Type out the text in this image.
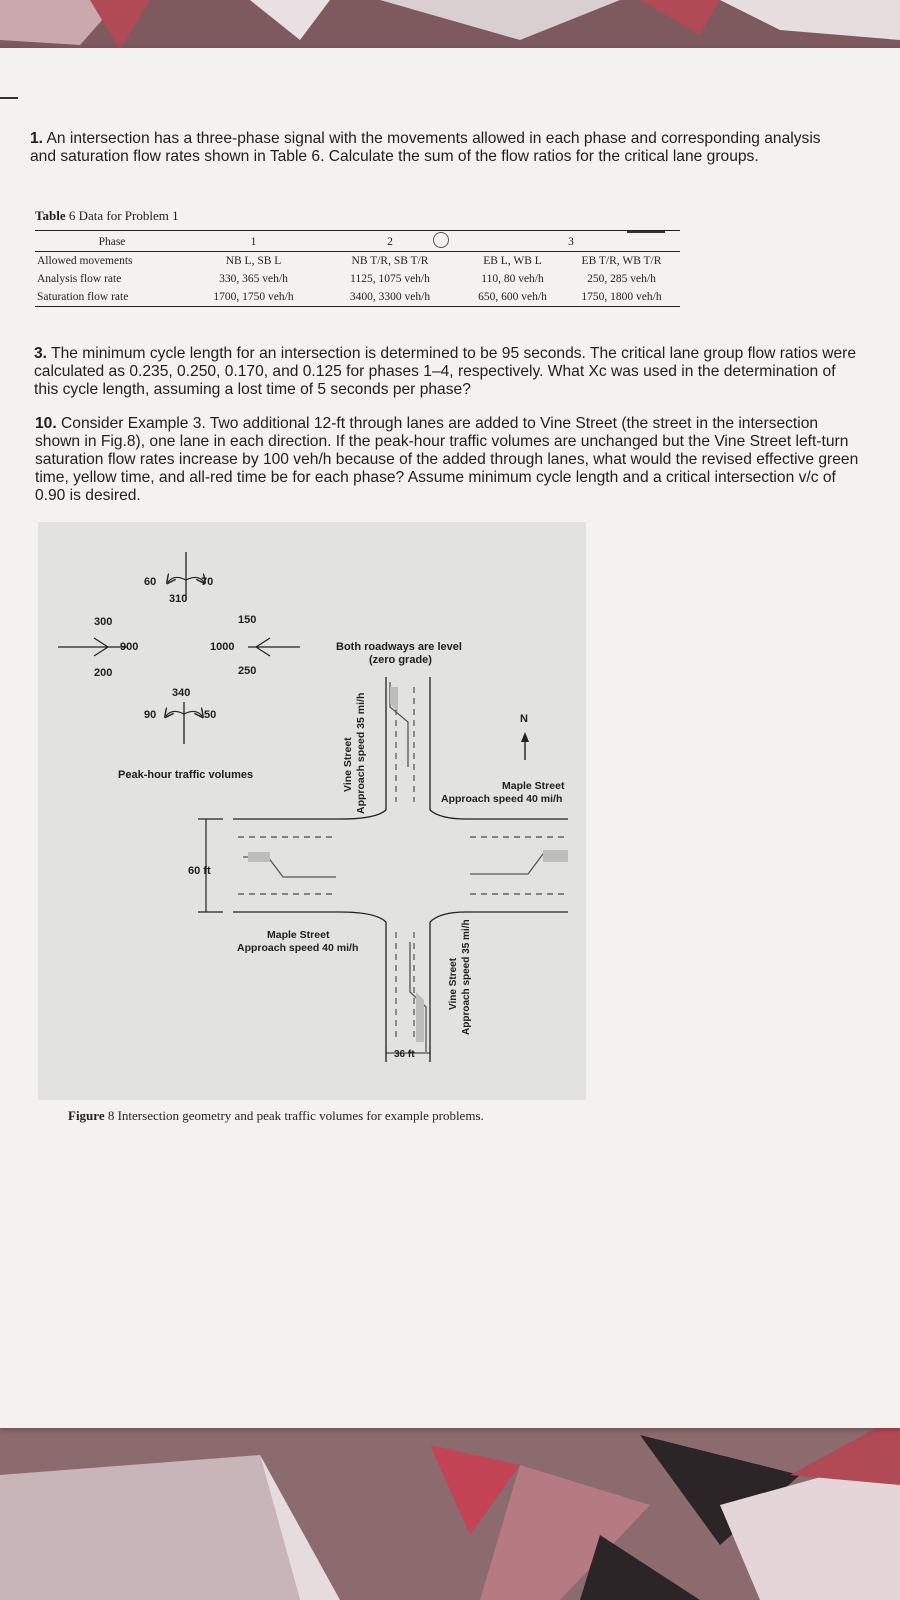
1. An intersection has a three-phase signal with the movements allowed in each phase and corresponding analysis and saturation flow rates shown in Table 6. Calculate the sum of the flow ratios for the critical lane groups.
Table 6 Data for Problem 1
Phase	1	2	3	
Allowed movements	NB L, SB L	NB T/R, SB T/R	EB L, WB L	EB T/R, WB T/R
Analysis flow rate	330, 365 veh/h	1125, 1075 veh/h	110, 80 veh/h	250, 285 veh/h
Saturation flow rate	1700, 1750 veh/h	3400, 3300 veh/h	650, 600 veh/h	1750, 1800 veh/h
3. The minimum cycle length for an intersection is determined to be 95 seconds. The critical lane group flow ratios were calculated as 0.235, 0.250, 0.170, and 0.125 for phases 1–4, respectively. What Xc was used in the determination of this cycle length, assuming a lost time of 5 seconds per phase?
10. Consider Example 3. Two additional 12-ft through lanes are added to Vine Street (the street in the intersection shown in Fig.8), one lane in each direction. If the peak-hour traffic volumes are unchanged but the Vine Street left-turn saturation flow rates increase by 100 veh/h because of the added through lanes, what would the revised effective green time, yellow time, and all-red time be for each phase? Assume minimum cycle length and a critical intersection v/c of 0.90 is desired.
60
310
70
300
900
200
150
1000
250
340
90	50
Peak-hour traffic volumes
Both roadways are level
(zero grade)
N
Vine Street Approach speed 35 mi/h
Vine Street Approach speed 35 mi/h
Maple Street
Approach speed 40 mi/h
Maple Street
Approach speed 40 mi/h
60 ft
36 ft
Figure 8 Intersection geometry and peak traffic volumes for example problems.
